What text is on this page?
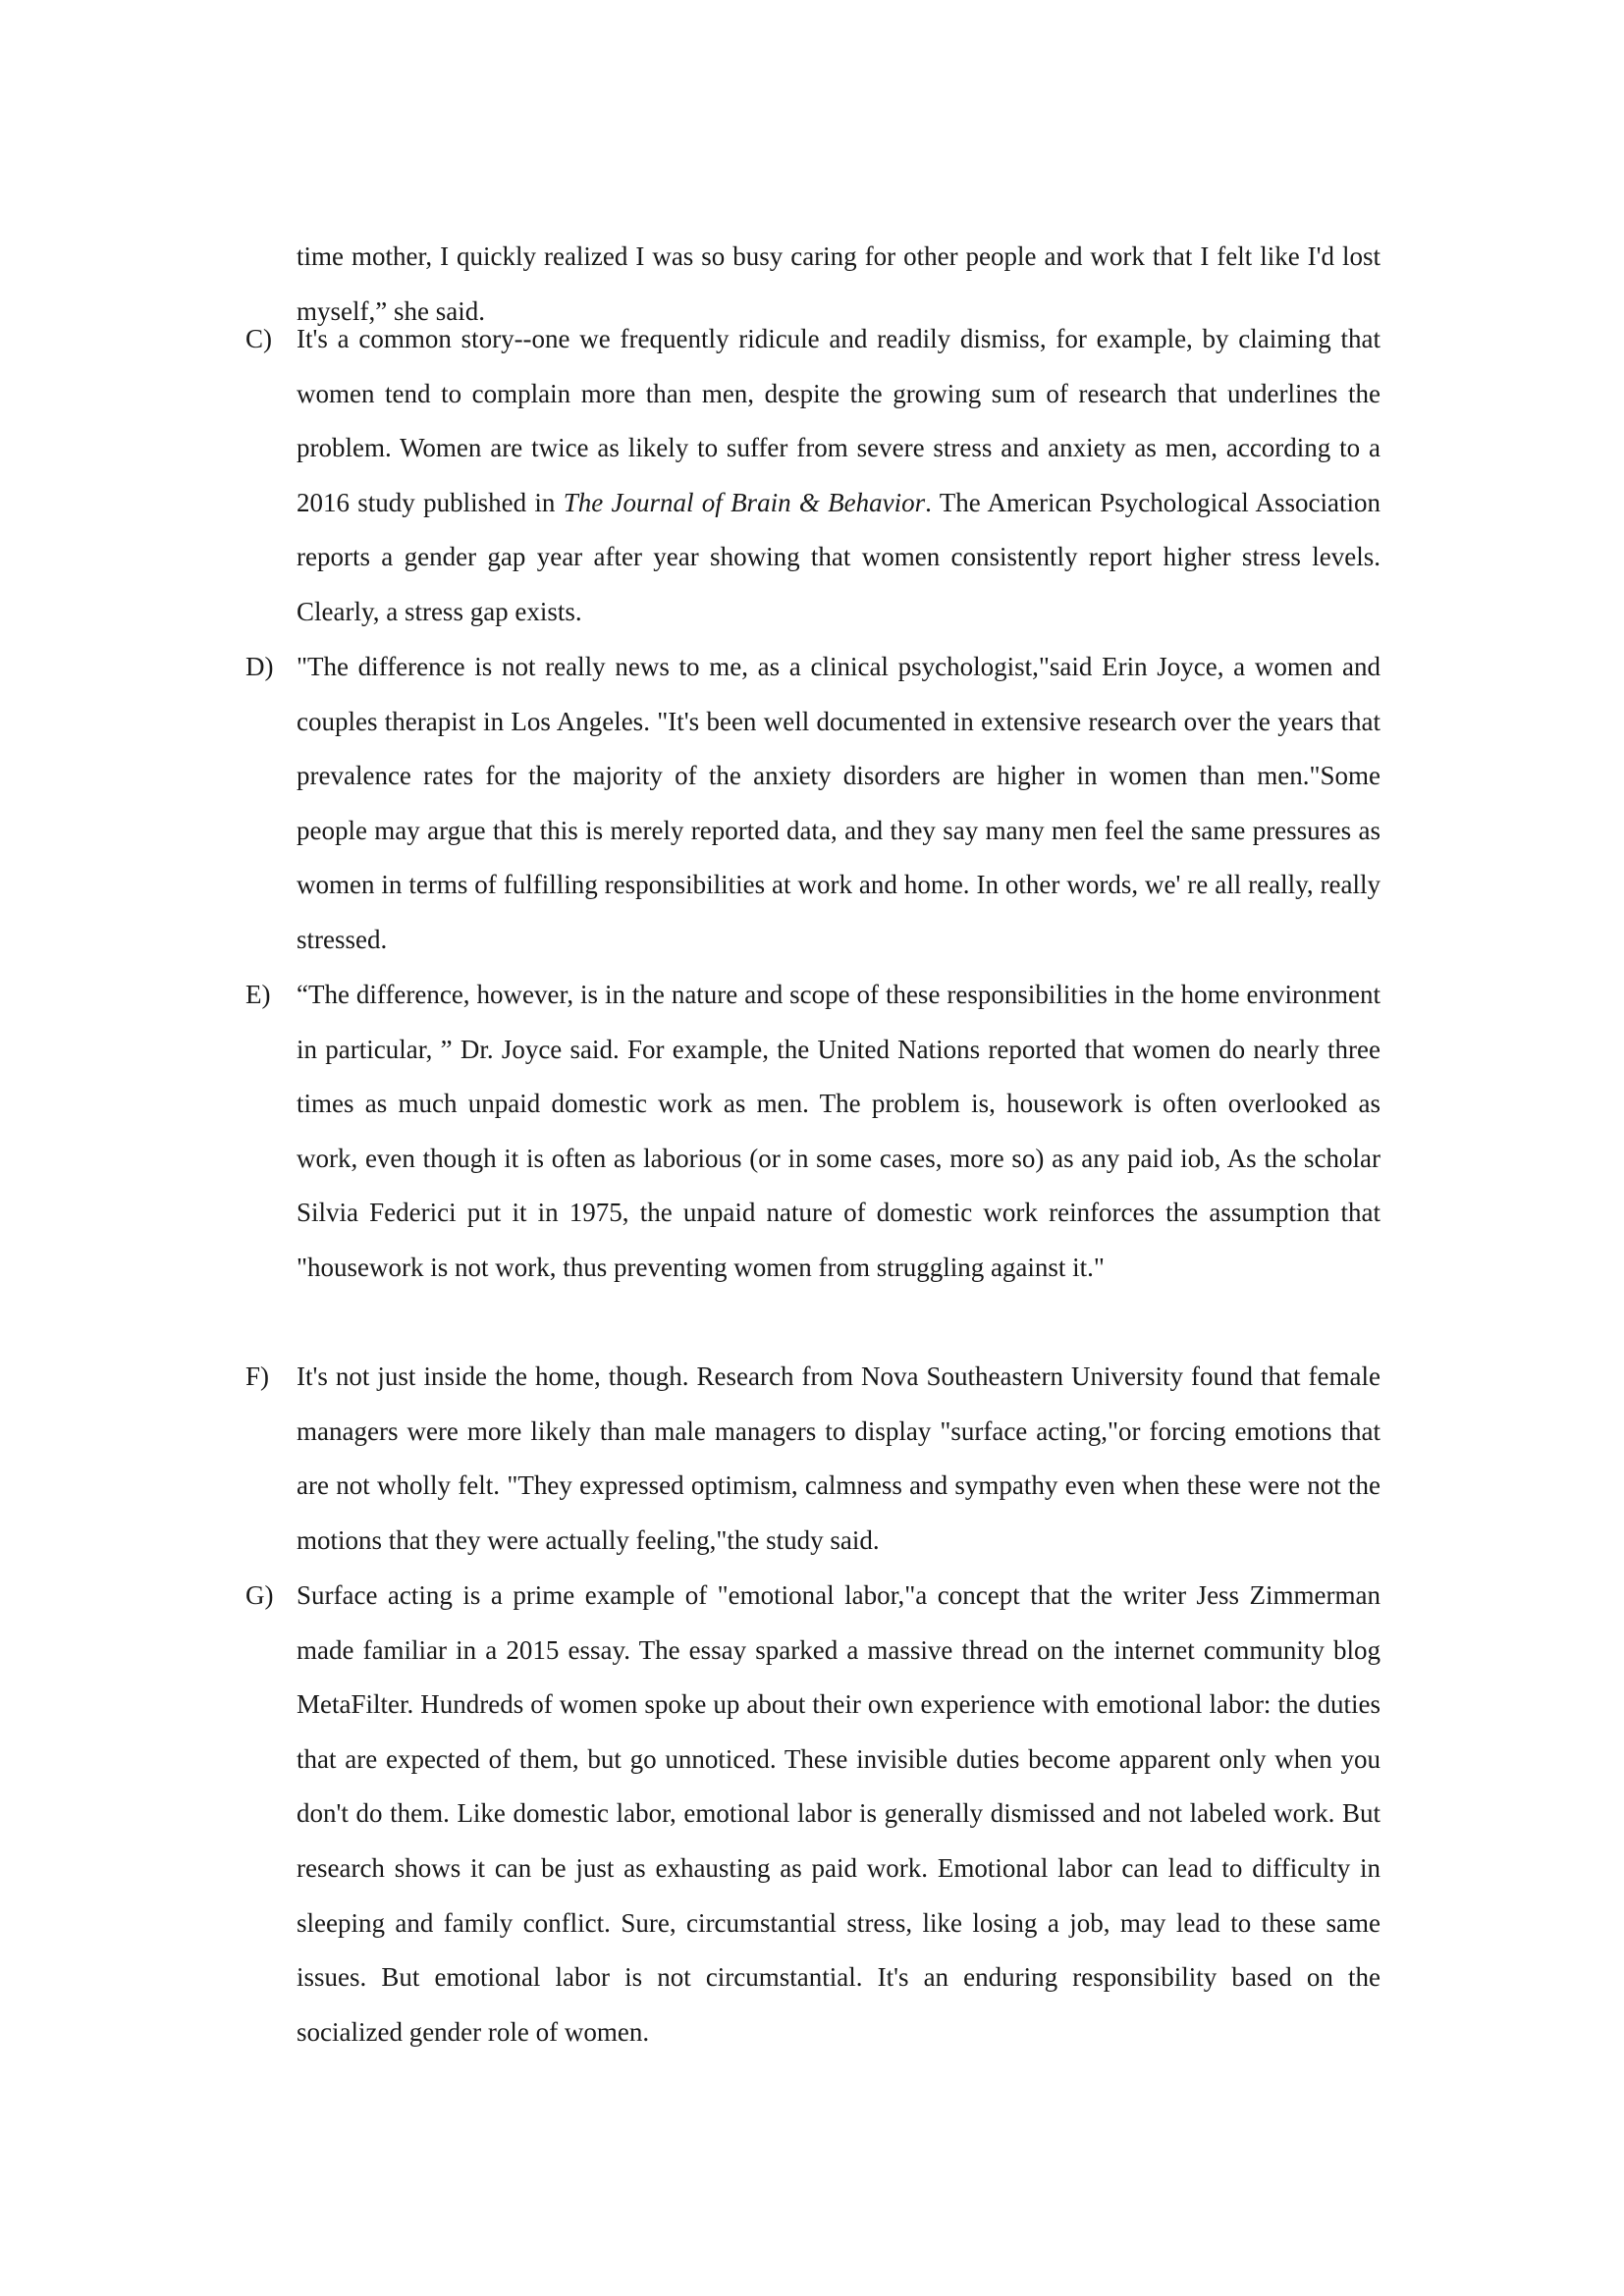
time mother, I quickly realized I was so busy caring for other people and work that I felt like I'd lost myself,” she said.

C) It's a common story--one we frequently ridicule and readily dismiss, for example, by claiming that women tend to complain more than men, despite the growing sum of research that underlines the problem. Women are twice as likely to suffer from severe stress and anxiety as men, according to a 2016 study published in The Journal of Brain & Behavior. The American Psychological Association reports a gender gap year after year showing that women consistently report higher stress levels. Clearly, a stress gap exists.
D) "The difference is not really news to me, as a clinical psychologist,"said Erin Joyce, a women and couples therapist in Los Angeles. "It's been well documented in extensive research over the years that prevalence rates for the majority of the anxiety disorders are higher in women than men."Some people may argue that this is merely reported data, and they say many men feel the same pressures as women in terms of fulfilling responsibilities at work and home. In other words, we' re all really, really stressed.
E) “The difference, however, is in the nature and scope of these responsibilities in the home environment in particular, ” Dr. Joyce said. For example, the United Nations reported that women do nearly three times as much unpaid domestic work as men. The problem is, housework is often overlooked as work, even though it is often as laborious (or in some cases, more so) as any paid iob, As the scholar Silvia Federici put it in 1975, the unpaid nature of domestic work reinforces the assumption that "housework is not work, thus preventing women from struggling against it."
F) It's not just inside the home, though. Research from Nova Southeastern University found that female managers were more likely than male managers to display "surface acting,"or forcing emotions that are not wholly felt. "They expressed optimism, calmness and sympathy even when these were not the motions that they were actually feeling,"the study said.
G) Surface acting is a prime example of "emotional labor,"a concept that the writer Jess Zimmerman made familiar in a 2015 essay. The essay sparked a massive thread on the internet community blog MetaFilter. Hundreds of women spoke up about their own experience with emotional labor: the duties that are expected of them, but go unnoticed. These invisible duties become apparent only when you don't do them. Like domestic labor, emotional labor is generally dismissed and not labeled work. But research shows it can be just as exhausting as paid work. Emotional labor can lead to difficulty in sleeping and family conflict. Sure, circumstantial stress, like losing a job, may lead to these same issues. But emotional labor is not circumstantial. It's an enduring responsibility based on the socialized gender role of women.
